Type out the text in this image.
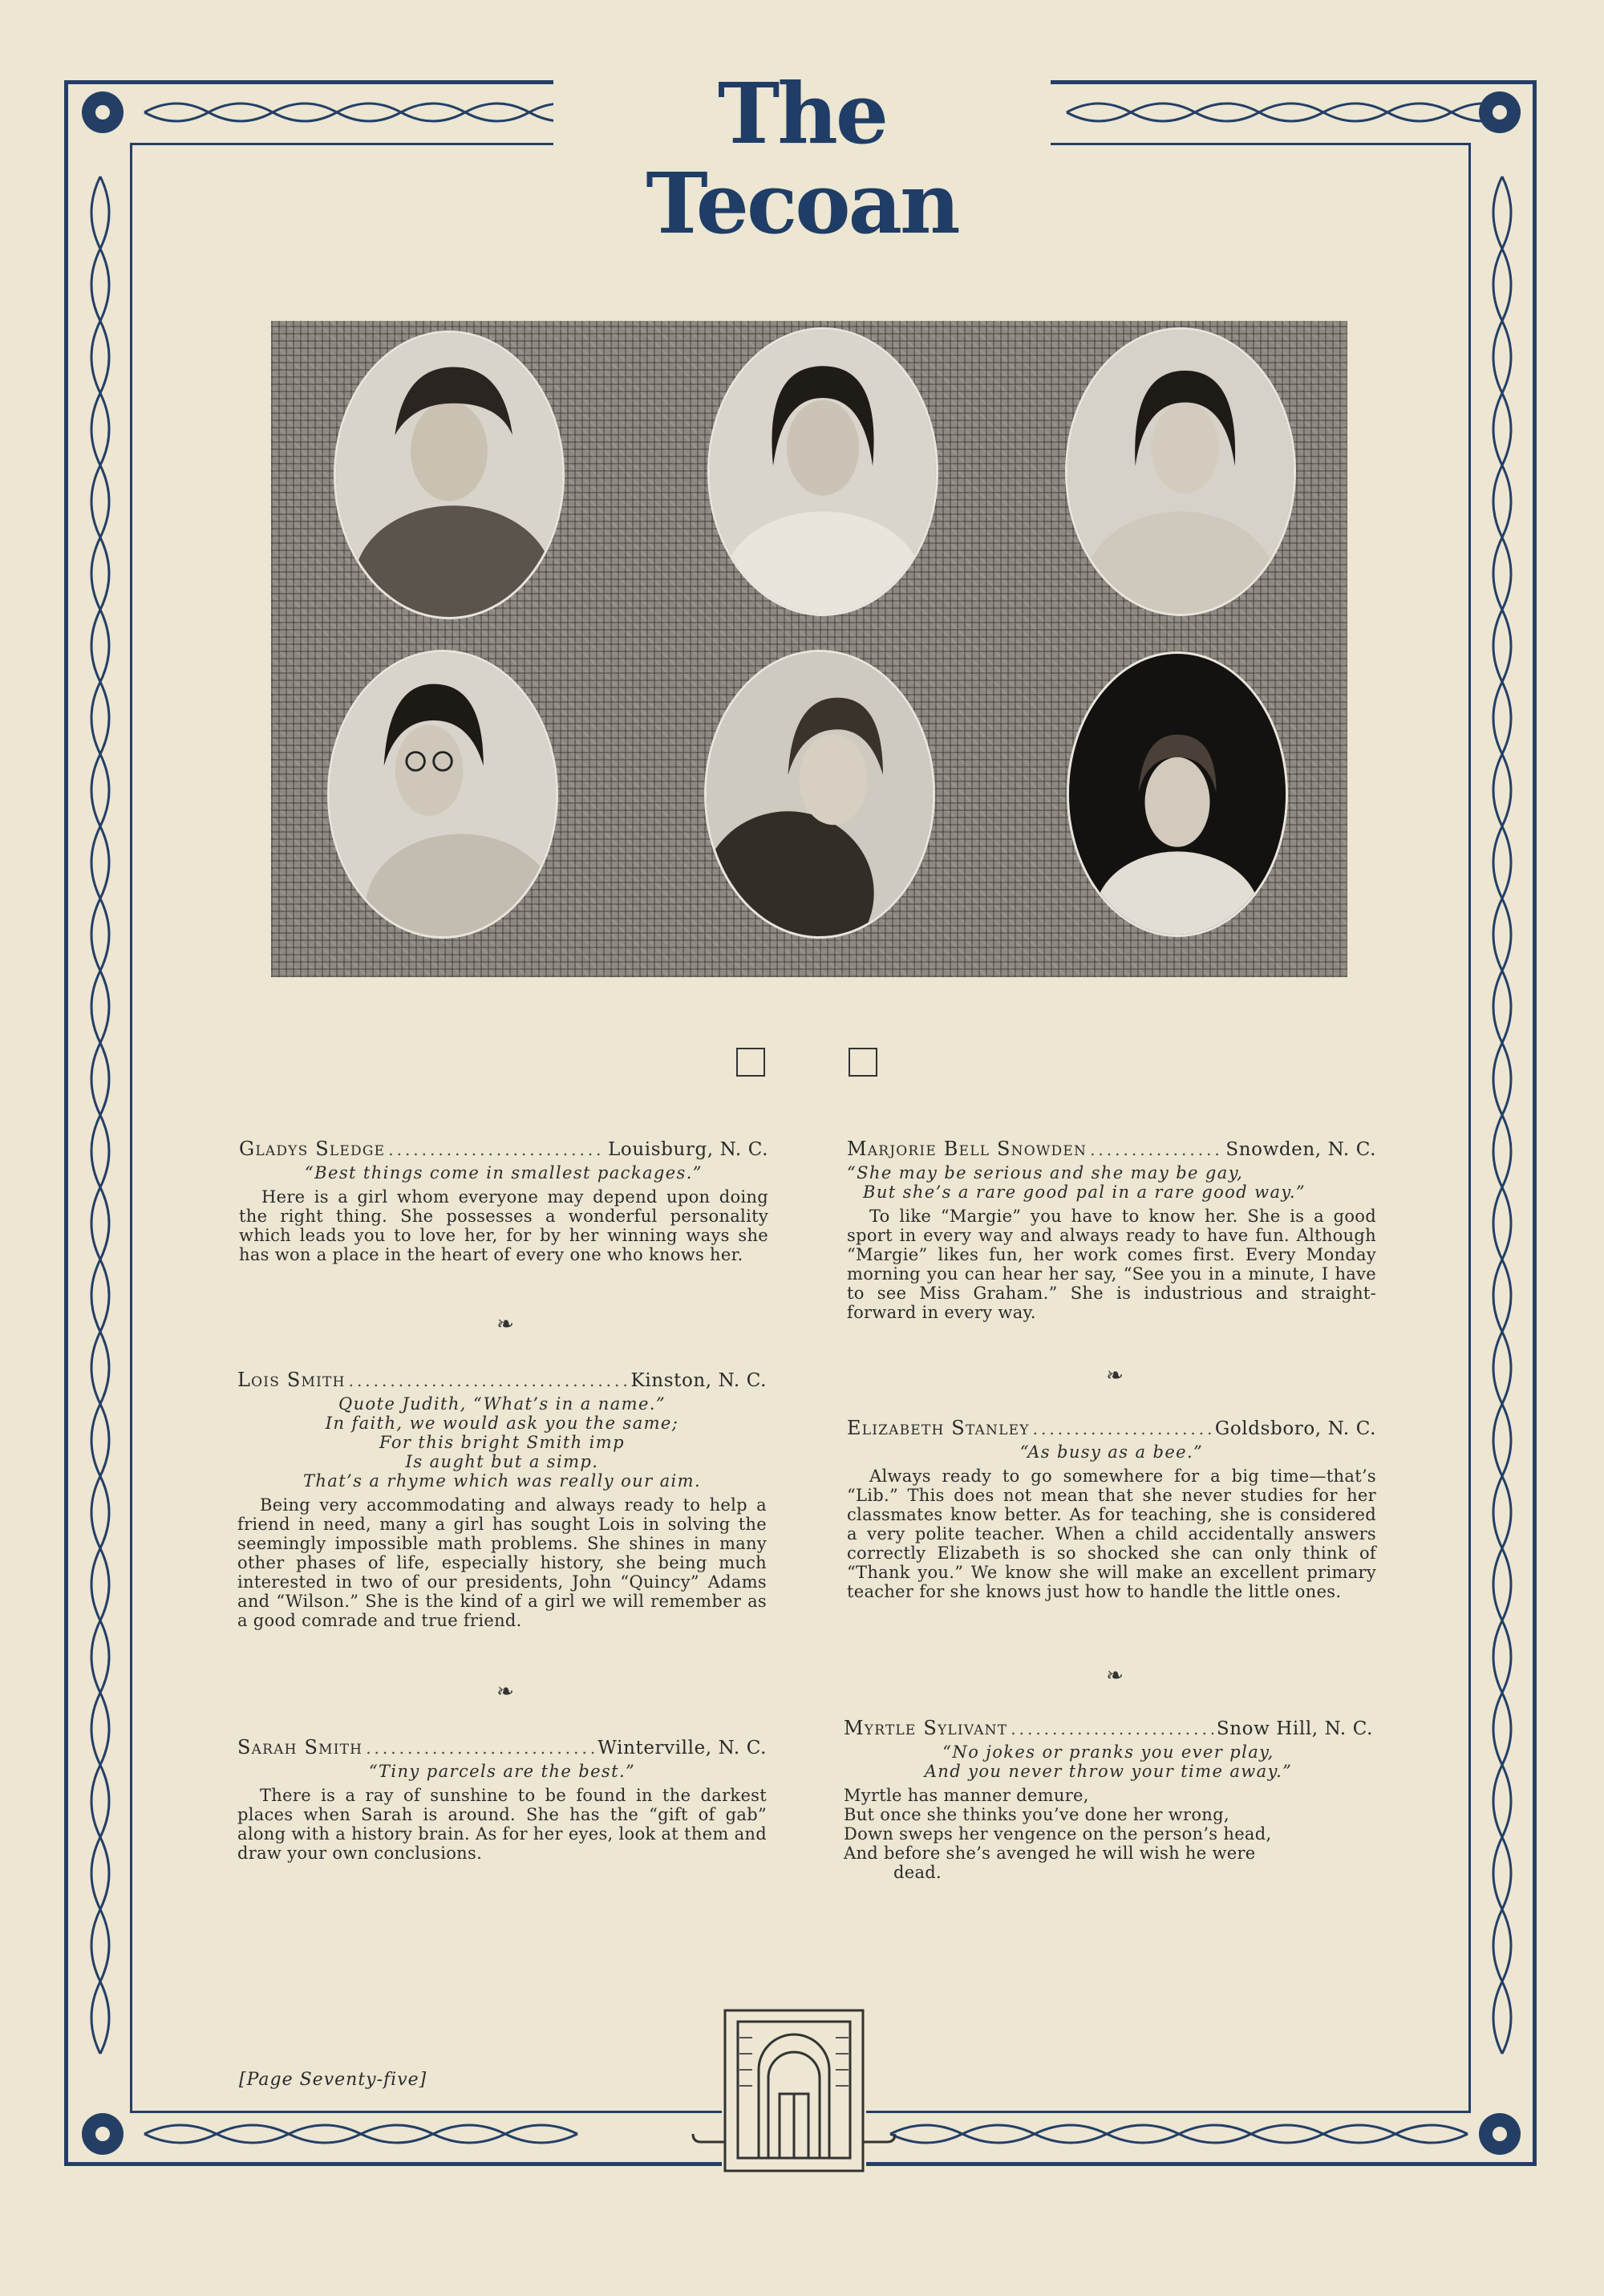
The Tecoan
Gladys Sledge .....	Louisburg, N. C.
“Best things come in smallest packages.”
Here is a girl whom everyone may depend upon doing the right thing. She possesses a wonderful personality which leads you to love her, for by her winning ways she has won a place in the heart of every one who knows her.
❧
Lois Smith .....	Kinston, N. C.
Quote Judith, “What’s in a name.”
In faith, we would ask you the same;
For this bright Smith imp
Is aught but a simp.
That’s a rhyme which was really our aim.
Being very accommodating and always ready to help a friend in need, many a girl has sought Lois in solving the seemingly impossible math problems. She shines in many other phases of life, especially history, she being much interested in two of our presidents, John “Quincy” Adams and “Wilson.” She is the kind of a girl we will remember as a good comrade and true friend.
❧
Sarah Smith .....	Winterville, N. C.
“Tiny parcels are the best.”
There is a ray of sunshine to be found in the darkest places when Sarah is around. She has the “gift of gab” along with a history brain. As for her eyes, look at them and draw your own conclusions.
Marjorie Bell Snowden .....	Snowden, N. C.
“She may be serious and she may be gay,
But she’s a rare good pal in a rare good way.”
To like “Margie” you have to know her. She is a good sport in every way and always ready to have fun. Although “Margie” likes fun, her work comes first. Every Monday morning you can hear her say, “See you in a minute, I have to see Miss Graham.” She is industrious and straight-forward in every way.
❧
Elizabeth Stanley .....	Goldsboro, N. C.
“As busy as a bee.”
Always ready to go somewhere for a big time—that’s “Lib.” This does not mean that she never studies for her classmates know better. As for teaching, she is considered a very polite teacher. When a child accidentally answers correctly Elizabeth is so shocked she can only think of “Thank you.” We know she will make an excellent primary teacher for she knows just how to handle the little ones.
❧
Myrtle Sylivant .....	Snow Hill, N. C.
“No jokes or pranks you ever play,
And you never throw your time away.”
Myrtle has manner demure,
But once she thinks you’ve done her wrong,
Down sweps her vengence on the person’s head,
And before she’s avenged he will wish he were
dead.
[Page Seventy-five]
